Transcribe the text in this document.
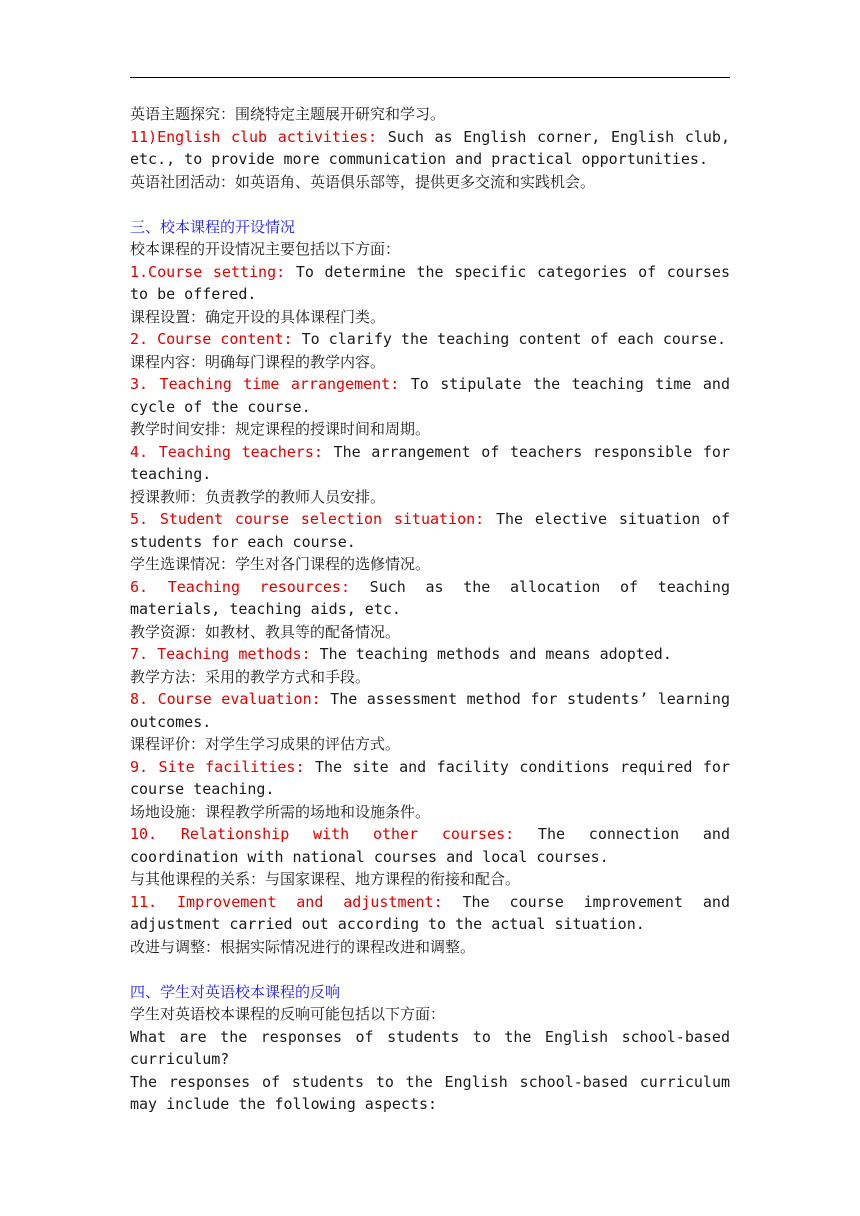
英语主题探究：围绕特定主题展开研究和学习。

11)English club activities: Such as English corner, English club, etc., to provide more communication and practical opportunities.

英语社团活动：如英语角、英语俱乐部等，提供更多交流和实践机会。

三、校本课程的开设情况

校本课程的开设情况主要包括以下方面：

1.Course setting: To determine the specific categories of courses to be offered.

课程设置：确定开设的具体课程门类。

2. Course content: To clarify the teaching content of each course.

课程内容：明确每门课程的教学内容。

3. Teaching time arrangement: To stipulate the teaching time and cycle of the course.

教学时间安排：规定课程的授课时间和周期。

4. Teaching teachers: The arrangement of teachers responsible for teaching.

授课教师：负责教学的教师人员安排。

5. Student course selection situation: The elective situation of students for each course.

学生选课情况：学生对各门课程的选修情况。

6. Teaching resources: Such as the allocation of teaching materials, teaching aids, etc.

教学资源：如教材、教具等的配备情况。

7. Teaching methods: The teaching methods and means adopted.

教学方法：采用的教学方式和手段。

8. Course evaluation: The assessment method for students’ learning outcomes.

课程评价：对学生学习成果的评估方式。

9. Site facilities: The site and facility conditions required for course teaching.

场地设施：课程教学所需的场地和设施条件。

10. Relationship with other courses: The connection and coordination with national courses and local courses.

与其他课程的关系：与国家课程、地方课程的衔接和配合。

11. Improvement and adjustment: The course improvement and adjustment carried out according to the actual situation.

改进与调整：根据实际情况进行的课程改进和调整。

四、学生对英语校本课程的反响

学生对英语校本课程的反响可能包括以下方面：

What are the responses of students to the English school-based curriculum?

The responses of students to the English school-based curriculum may include the following aspects:
